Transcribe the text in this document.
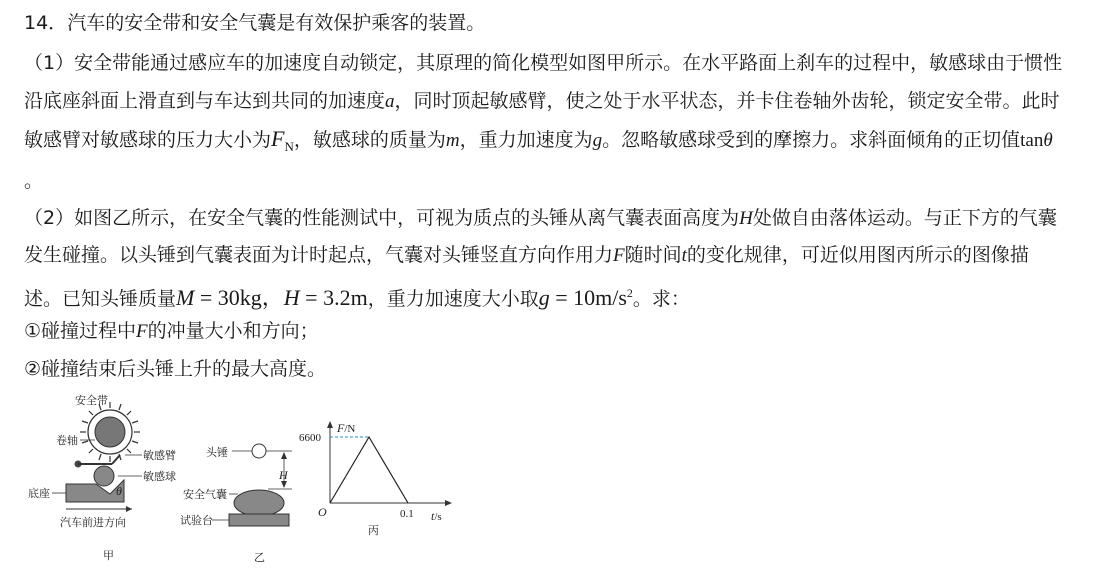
14．汽车的安全带和安全气囊是有效保护乘客的装置。
（1）安全带能通过感应车的加速度自动锁定，其原理的简化模型如图甲所示。在水平路面上刹车的过程中，敏感球由于惯性
沿底座斜面上滑直到与车达到共同的加速度a，同时顶起敏感臂，使之处于水平状态，并卡住卷轴外齿轮，锁定安全带。此时
敏感臂对敏感球的压力大小为$F_N$，敏感球的质量为m，重力加速度为g。忽略敏感球受到的摩擦力。求斜面倾角的正切值tanθ
。
（2）如图乙所示，在安全气囊的性能测试中，可视为质点的头锤从离气囊表面高度为H处做自由落体运动。与正下方的气囊
发生碰撞。以头锤到气囊表面为计时起点，气囊对头锤竖直方向作用力F随时间t的变化规律，可近似用图丙所示的图像描
述。已知头锤质量M = 30kg，H = 3.2m，重力加速度大小取$g = 10m/s^2$。求：
①碰撞过程中F的冲量大小和方向；
②碰撞结束后头锤上升的最大高度。
安全带
卷轴
敏感臂
敏感球
θ
底座
汽车前进方向
甲
头锤
H
安全气囊
试验台
乙
F/N
t/s
O
丙
6600
0.1
